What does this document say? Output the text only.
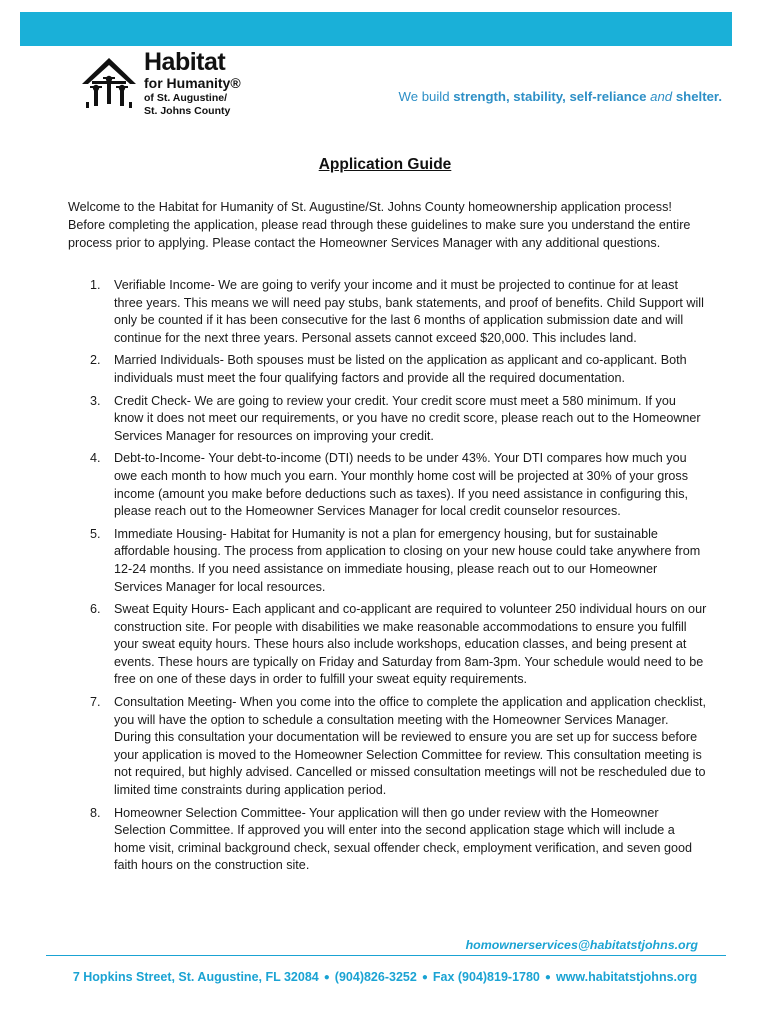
Habitat
for Humanity®
of St. Augustine/
St. Johns County
We build strength, stability, self-reliance and shelter.
Application Guide

Welcome to the Habitat for Humanity of St. Augustine/St. Johns County homeownership application process! Before completing the application, please read through these guidelines to make sure you understand the entire process prior to applying. Please contact the Homeowner Services Manager with any additional questions.

1. Verifiable Income- We are going to verify your income and it must be projected to continue for at least three years. This means we will need pay stubs, bank statements, and proof of benefits. Child Support will only be counted if it has been consecutive for the last 6 months of application submission date and will continue for the next three years. Personal assets cannot exceed $20,000. This includes land.
2. Married Individuals- Both spouses must be listed on the application as applicant and co-applicant. Both individuals must meet the four qualifying factors and provide all the required documentation.
3. Credit Check- We are going to review your credit. Your credit score must meet a 580 minimum. If you know it does not meet our requirements, or you have no credit score, please reach out to the Homeowner Services Manager for resources on improving your credit.
4. Debt-to-Income- Your debt-to-income (DTI) needs to be under 43%. Your DTI compares how much you owe each month to how much you earn. Your monthly home cost will be projected at 30% of your gross income (amount you make before deductions such as taxes). If you need assistance in configuring this, please reach out to the Homeowner Services Manager for local credit counselor resources.
5. Immediate Housing- Habitat for Humanity is not a plan for emergency housing, but for sustainable affordable housing. The process from application to closing on your new house could take anywhere from 12-24 months. If you need assistance on immediate housing, please reach out to our Homeowner Services Manager for local resources.
6. Sweat Equity Hours- Each applicant and co-applicant are required to volunteer 250 individual hours on our construction site. For people with disabilities we make reasonable accommodations to ensure you fulfill your sweat equity hours. These hours also include workshops, education classes, and being present at events. These hours are typically on Friday and Saturday from 8am-3pm. Your schedule would need to be free on one of these days in order to fulfill your sweat equity requirements.
7. Consultation Meeting- When you come into the office to complete the application and application checklist, you will have the option to schedule a consultation meeting with the Homeowner Services Manager. During this consultation your documentation will be reviewed to ensure you are set up for success before your application is moved to the Homeowner Selection Committee for review. This consultation meeting is not required, but highly advised. Cancelled or missed consultation meetings will not be rescheduled due to limited time constraints during application period.
8. Homeowner Selection Committee- Your application will then go under review with the Homeowner Selection Committee. If approved you will enter into the second application stage which will include a home visit, criminal background check, sexual offender check, employment verification, and seven good faith hours on the construction site.
homownerservices@habitatstjohns.org
7 Hopkins Street, St. Augustine, FL 32084 ● (904)826-3252 ● Fax (904)819-1780 ● www.habitatstjohns.org
